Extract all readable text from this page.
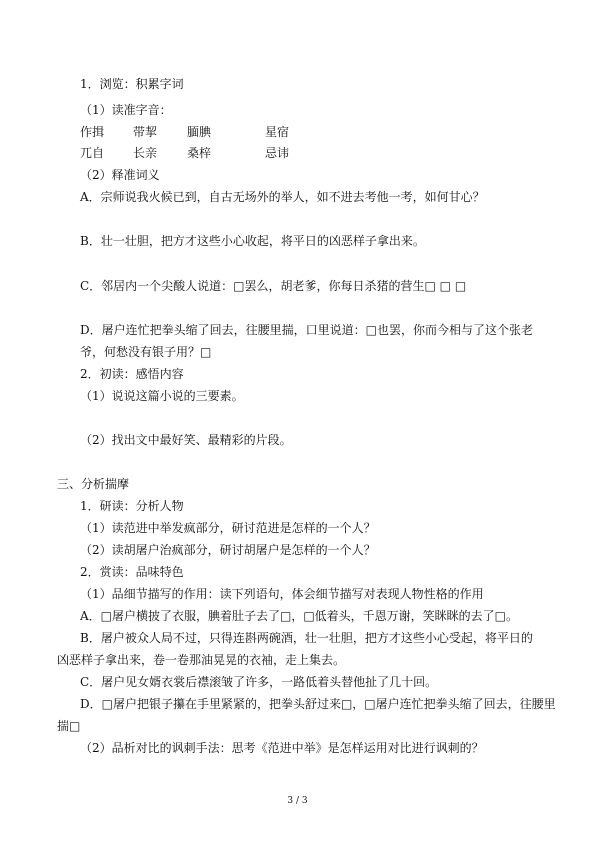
1．浏览：积累字词
（1）读准字音：
作揖 带挈 腼腆	星宿
兀自 长亲 桑梓	忌讳
（2）释准词义
A．宗师说我火候已到，自古无场外的举人，如不进去考他一考，如何甘心？
B．壮一壮胆，把方才这些小心收起，将平日的凶恶样子拿出来。
C．邻居内一个尖酸人说道：□罢么，胡老爹，你每日杀猪的营生□ □ □
D．屠户连忙把拳头缩了回去，往腰里揣，口里说道：□也罢，你而今相与了这个张老
爷，何愁没有银子用？□
2．初读：感悟内容
（1）说说这篇小说的三要素。
（2）找出文中最好笑、最精彩的片段。
三、分析揣摩
1．研读：分析人物
（1）读范进中举发疯部分，研讨范进是怎样的一个人？
（2）读胡屠户治疯部分，研讨胡屠户是怎样的一个人？
2．赏读：品味特色
（1）品细节描写的作用：读下列语句，体会细节描写对表现人物性格的作用
A．□屠户横披了衣服，腆着肚子去了□，□低着头，千恩万谢，笑眯眯的去了□。
B．屠户被众人局不过，只得连斟两碗酒，壮一壮胆，把方才这些小心受起，将平日的
凶恶样子拿出来，卷一卷那油晃晃的衣袖，走上集去。
C．屠户见女婿衣裳后襟滚皱了许多，一路低着头替他扯了几十回。
D．□屠户把银子攥在手里紧紧的，把拳头舒过来□，□屠户连忙把拳头缩了回去，往腰里
揣□
（2）品析对比的讽刺手法：思考《范进中举》是怎样运用对比进行讽刺的？
3 / 3
